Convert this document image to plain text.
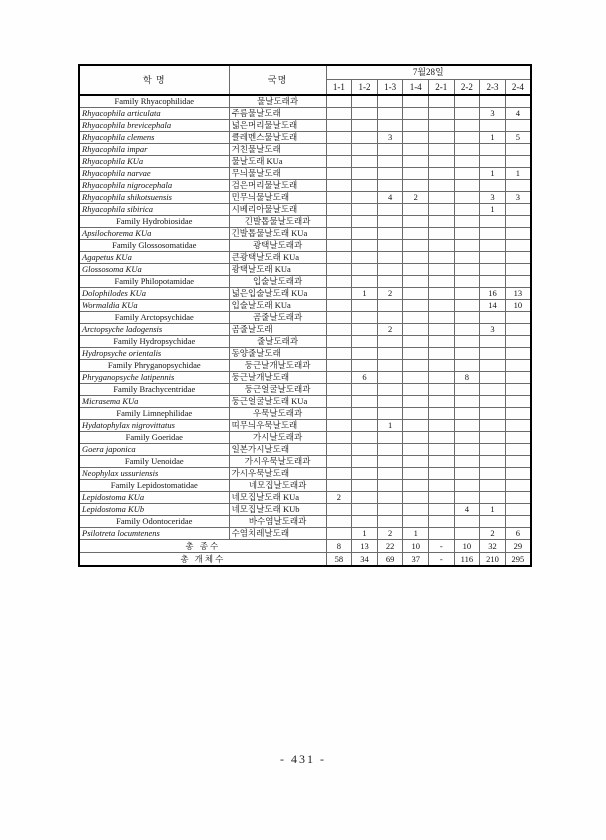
학 명	국명	7월28일							
		1-1	1-2	1-3	1-4	2-1	2-2	2-3	2-4
Family Rhyacophilidae	물날도래과								
Rhyacophila articulata	주름물날도래							3	4
Rhyacophila brevicephala	넓은머리물날도래								
Rhyacophila clemens	클레멘스물날도래			3				1	5
Rhyacophila impar	거친물날도래								
Rhyacophila KUa	물날도래 KUa								
Rhyacophila narvae	무늬물날도래							1	1
Rhyacophila nigrocephala	검은머리물날도래								
Rhyacophila shikotsuensis	민무늬물날도래			4	2			3	3
Rhyacophila sibirica	시베리아물날도래							1	
Family Hydrobiosidae	긴발톱물날도래과								
Apsilochorema KUa	긴발톱물날도래 KUa								
Family Glossosomatidae	광택날도래과								
Agapetus KUa	큰광택날도래 KUa								
Glossosoma KUa	광택날도래 KUa								
Family Philopotamidae	입술날도래과								
Dolophilodes KUa	넓은입술날도래 KUa		1	2				16	13
Wormaldia KUa	입술날도래 KUa							14	10
Family Arctopsychidae	곰줄날도래과								
Arctopsyche ladogensis	곰줄날도래			2				3	
Family Hydropsychidae	줄날도래과								
Hydropsyche orientalis	동양줄날도래								
Family Phryganopsychidae	둥근날개날도래과								
Phryganopsyche latipennis	둥근날개날도래		6				8		
Family Brachycentridae	둥근얼굴날도래과								
Micrasema KUa	둥근얼굴날도래 KUa								
Family Limnephilidae	우묵날도래과								
Hydatophylax nigrovittatus	띠무늬우묵날도래			1					
Family Goeridae	가시날도래과								
Goera japonica	일본가시날도래								
Family Uenoidae	가시우묵날도래과								
Neophylax ussuriensis	가시우묵날도래								
Family Lepidostomatidae	네모집날도래과								
Lepidostoma KUa	네모집날도래 KUa	2							
Lepidostoma KUb	네모집날도래 KUb						4	1	
Family Odontoceridae	바수염날도래과								
Psilotreta locumtenens	수염치레날도래		1	2	1			2	6
총 종수		8	13	22	10	-	10	32	29
총 개체수		58	34	69	37	-	116	210	295
- 431 -
